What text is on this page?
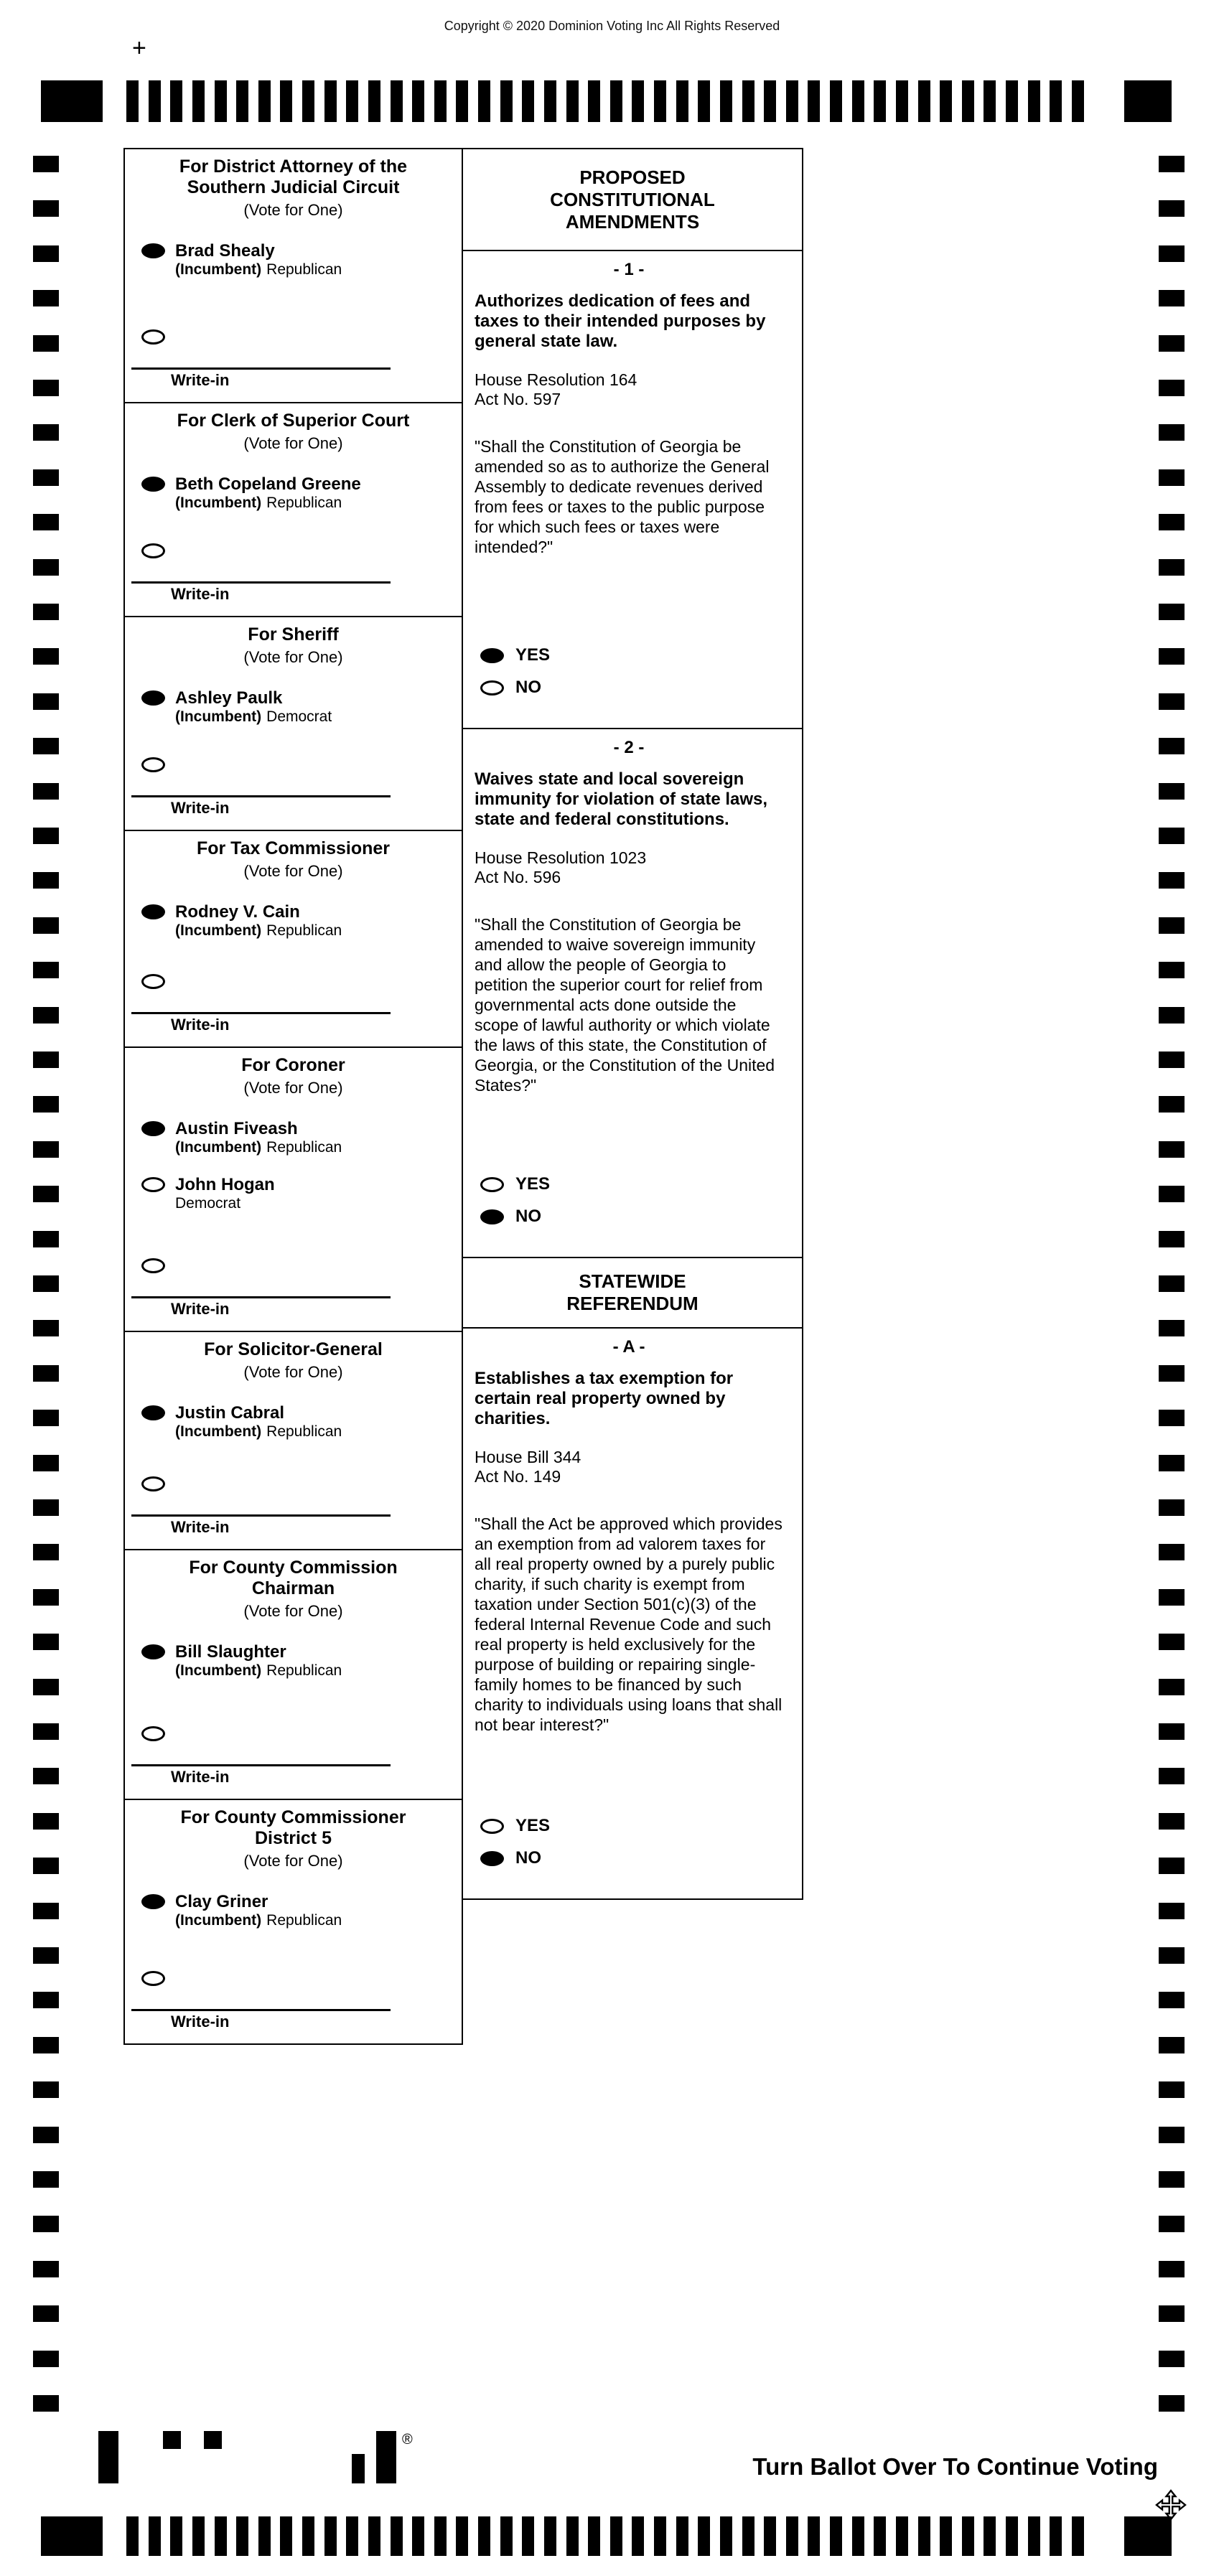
Copyright © 2020 Dominion Voting Inc All Rights Reserved
+
For District Attorney of the Southern Judicial Circuit
(Vote for One)
Brad Shealy
(Incumbent) Republican
Write-in
For Clerk of Superior Court
(Vote for One)
Beth Copeland Greene
(Incumbent) Republican
Write-in
For Sheriff
(Vote for One)
Ashley Paulk
(Incumbent) Democrat
Write-in
For Tax Commissioner
(Vote for One)
Rodney V. Cain
(Incumbent) Republican
Write-in
For Coroner
(Vote for One)
Austin Fiveash
(Incumbent) Republican
John Hogan
Democrat
Write-in
For Solicitor-General
(Vote for One)
Justin Cabral
(Incumbent) Republican
Write-in
For County Commission Chairman
(Vote for One)
Bill Slaughter
(Incumbent) Republican
Write-in
For County Commissioner District 5
(Vote for One)
Clay Griner
(Incumbent) Republican
Write-in
PROPOSED CONSTITUTIONAL AMENDMENTS
- 1 -
Authorizes dedication of fees and taxes to their intended purposes by general state law.
House Resolution 164
Act No. 597
"Shall the Constitution of Georgia be amended so as to authorize the General Assembly to dedicate revenues derived from fees or taxes to the public purpose for which such fees or taxes were intended?"
YES
NO
- 2 -
Waives state and local sovereign immunity for violation of state laws, state and federal constitutions.
House Resolution 1023
Act No. 596
"Shall the Constitution of Georgia be amended to waive sovereign immunity and allow the people of Georgia to petition the superior court for relief from governmental acts done outside the scope of lawful authority or which violate the laws of this state, the Constitution of Georgia, or the Constitution of the United States?"
YES
NO
STATEWIDE REFERENDUM
- A -
Establishes a tax exemption for certain real property owned by charities.
House Bill 344
Act No. 149
"Shall the Act be approved which provides an exemption from ad valorem taxes for all real property owned by a purely public charity, if such charity is exempt from taxation under Section 501(c)(3) of the federal Internal Revenue Code and such real property is held exclusively for the purpose of building or repairing single-family homes to be financed by such charity to individuals using loans that shall not bear interest?"
YES
NO
Turn Ballot Over To Continue Voting
®
